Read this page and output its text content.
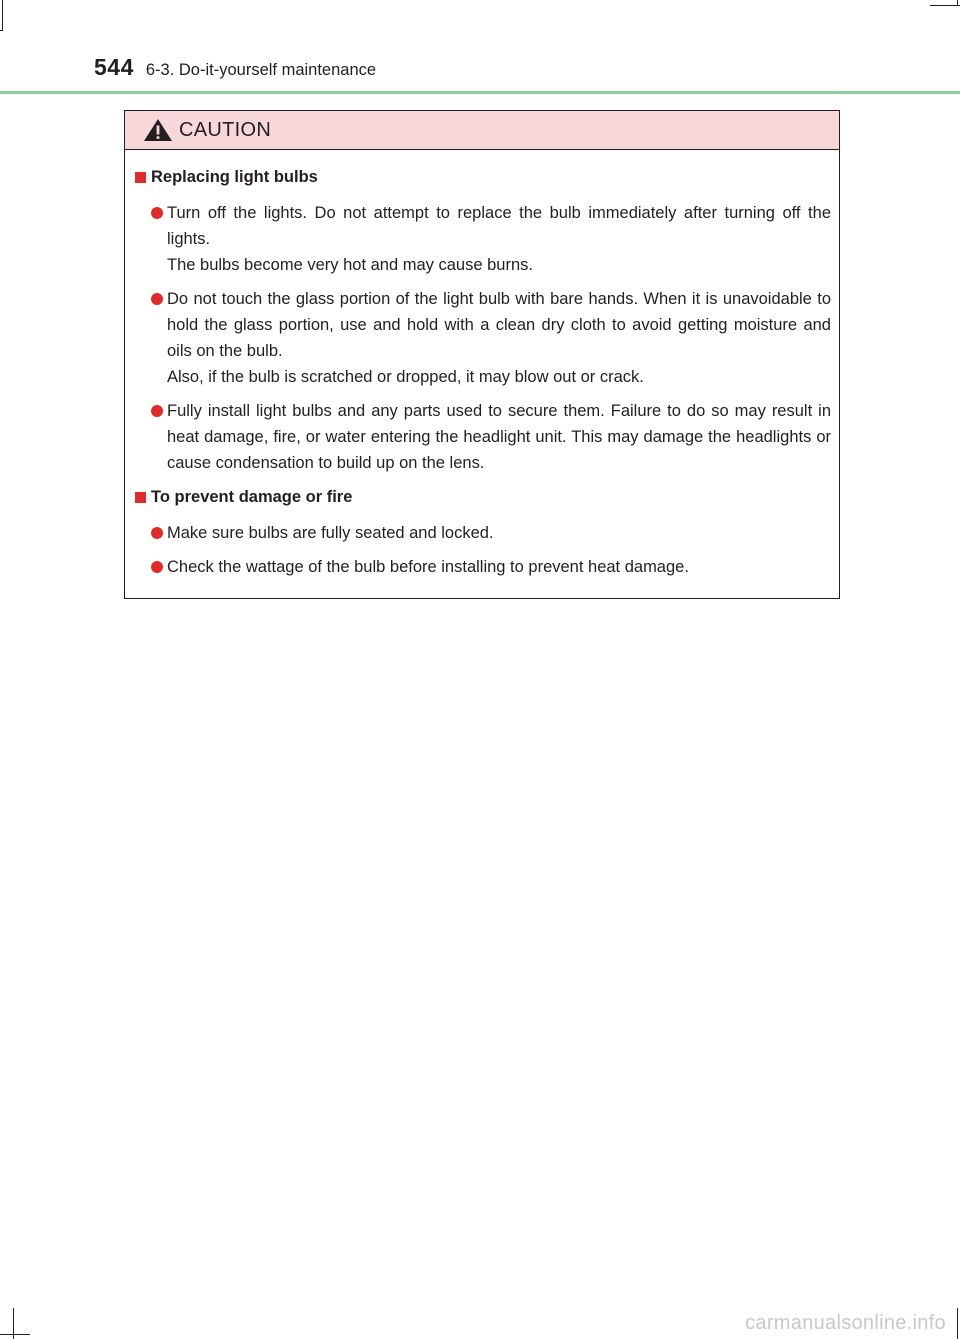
544 6-3. Do-it-yourself maintenance
CAUTION
Replacing light bulbs

Turn off the lights. Do not attempt to replace the bulb immediately after turning off the lights.

The bulbs become very hot and may cause burns.

Do not touch the glass portion of the light bulb with bare hands. When it is unavoidable to hold the glass portion, use and hold with a clean dry cloth to avoid getting moisture and oils on the bulb.

Also, if the bulb is scratched or dropped, it may blow out or crack.

Fully install light bulbs and any parts used to secure them. Failure to do so may result in heat damage, fire, or water entering the headlight unit. This may damage the headlights or cause condensation to build up on the lens.

To prevent damage or fire

Make sure bulbs are fully seated and locked.

Check the wattage of the bulb before installing to prevent heat damage.

carmanualsonline.info
